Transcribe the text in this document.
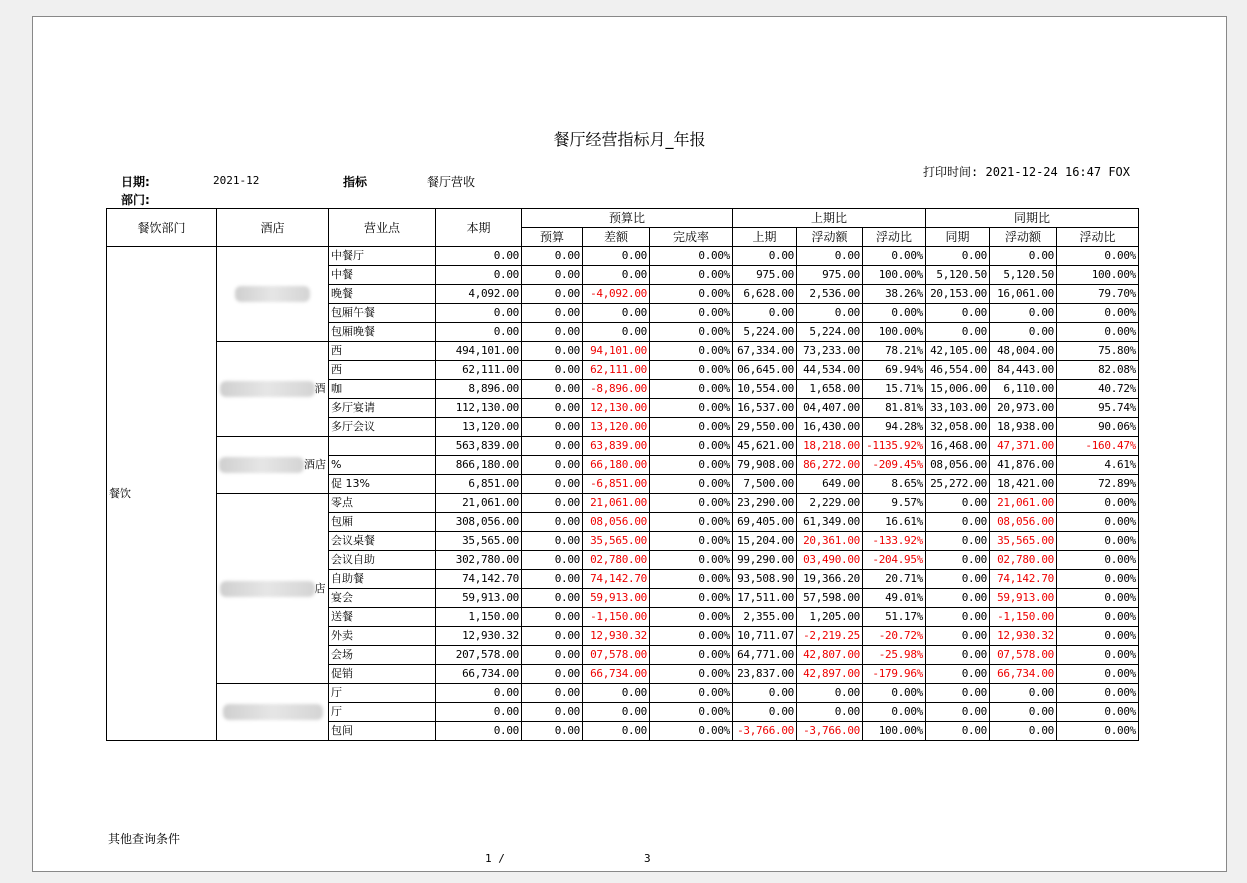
餐厅经营指标月_年报
打印时间: 2021-12-24 16:47 FOX
日期:	2021-12	指标	餐厅营收
部门:
餐饮部门	酒店	营业点	本期	预算比			上期比			同期比		
				预算	差额	完成率	上期	浮动额	浮动比	同期	浮动额	浮动比
餐饮		中餐厅	0.00	0.00	0.00	0.00%	0.00	0.00	0.00%	0.00	0.00	0.00%
		中餐	0.00	0.00	0.00	0.00%	975.00	975.00	100.00%	5,120.50	5,120.50	100.00%
		晚餐	4,092.00	0.00	-4,092.00	0.00%	6,628.00	2,536.00	38.26%	20,153.00	16,061.00	79.70%
		包厢午餐	0.00	0.00	0.00	0.00%	0.00	0.00	0.00%	0.00	0.00	0.00%
		包厢晚餐	0.00	0.00	0.00	0.00%	5,224.00	5,224.00	100.00%	0.00	0.00	0.00%
	酒	西	494,101.00	0.00	94,101.00	0.00%	67,334.00	73,233.00	78.21%	42,105.00	48,004.00	75.80%
		西	62,111.00	0.00	62,111.00	0.00%	06,645.00	44,534.00	69.94%	46,554.00	84,443.00	82.08%
		咖	8,896.00	0.00	-8,896.00	0.00%	10,554.00	1,658.00	15.71%	15,006.00	6,110.00	40.72%
		多厅宴请	112,130.00	0.00	12,130.00	0.00%	16,537.00	04,407.00	81.81%	33,103.00	20,973.00	95.74%
		多厅会议	13,120.00	0.00	13,120.00	0.00%	29,550.00	16,430.00	94.28%	32,058.00	18,938.00	90.06%
	酒店		563,839.00	0.00	63,839.00	0.00%	45,621.00	18,218.00	-1135.92%	16,468.00	47,371.00	-160.47%
		%	866,180.00	0.00	66,180.00	0.00%	79,908.00	86,272.00	-209.45%	08,056.00	41,876.00	4.61%
		促 13%	6,851.00	0.00	-6,851.00	0.00%	7,500.00	649.00	8.65%	25,272.00	18,421.00	72.89%
	店	零点	21,061.00	0.00	21,061.00	0.00%	23,290.00	2,229.00	9.57%	0.00	21,061.00	0.00%
		包厢	308,056.00	0.00	08,056.00	0.00%	69,405.00	61,349.00	16.61%	0.00	08,056.00	0.00%
		会议桌餐	35,565.00	0.00	35,565.00	0.00%	15,204.00	20,361.00	-133.92%	0.00	35,565.00	0.00%
		会议自助	302,780.00	0.00	02,780.00	0.00%	99,290.00	03,490.00	-204.95%	0.00	02,780.00	0.00%
		自助餐	74,142.70	0.00	74,142.70	0.00%	93,508.90	19,366.20	20.71%	0.00	74,142.70	0.00%
		宴会	59,913.00	0.00	59,913.00	0.00%	17,511.00	57,598.00	49.01%	0.00	59,913.00	0.00%
		送餐	1,150.00	0.00	-1,150.00	0.00%	2,355.00	1,205.00	51.17%	0.00	-1,150.00	0.00%
		外卖	12,930.32	0.00	12,930.32	0.00%	10,711.07	-2,219.25	-20.72%	0.00	12,930.32	0.00%
		会场	207,578.00	0.00	07,578.00	0.00%	64,771.00	42,807.00	-25.98%	0.00	07,578.00	0.00%
		促销	66,734.00	0.00	66,734.00	0.00%	23,837.00	42,897.00	-179.96%	0.00	66,734.00	0.00%
		厅	0.00	0.00	0.00	0.00%	0.00	0.00	0.00%	0.00	0.00	0.00%
		厅	0.00	0.00	0.00	0.00%	0.00	0.00	0.00%	0.00	0.00	0.00%
		包间	0.00	0.00	0.00	0.00%	-3,766.00	-3,766.00	100.00%	0.00	0.00	0.00%
其他查询条件
1 /	3
